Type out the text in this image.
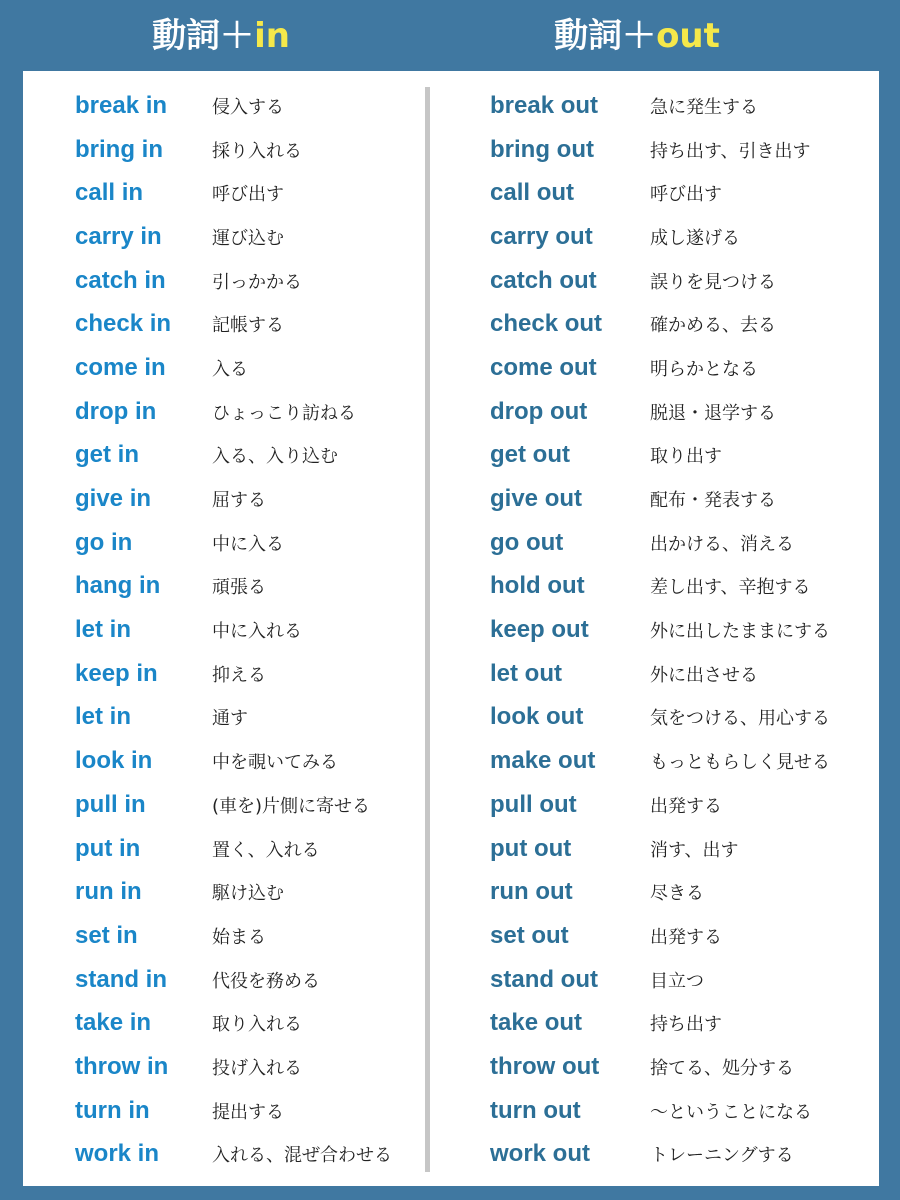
動詞＋in	動詞＋out
break in	侵入する
bring in	採り入れる
call in	呼び出す
carry in	運び込む
catch in	引っかかる
check in	記帳する
come in	入る
drop in	ひょっこり訪ねる
get in	入る、入り込む
give in	屈する
go in	中に入る
hang in	頑張る
let in	中に入れる
keep in	抑える
let in	通す
look in	中を覗いてみる
pull in	(車を)片側に寄せる
put in	置く、入れる
run in	駆け込む
set in	始まる
stand in	代役を務める
take in	取り入れる
throw in	投げ入れる
turn in	提出する
work in	入れる、混ぜ合わせる
break out	急に発生する
bring out	持ち出す、引き出す
call out	呼び出す
carry out	成し遂げる
catch out	誤りを見つける
check out	確かめる、去る
come out	明らかとなる
drop out	脱退・退学する
get out	取り出す
give out	配布・発表する
go out	出かける、消える
hold out	差し出す、辛抱する
keep out	外に出したままにする
let out	外に出させる
look out	気をつける、用心する
make out	もっともらしく見せる
pull out	出発する
put out	消す、出す
run out	尽きる
set out	出発する
stand out	目立つ
take out	持ち出す
throw out	捨てる、処分する
turn out	〜ということになる
work out	トレーニングする
